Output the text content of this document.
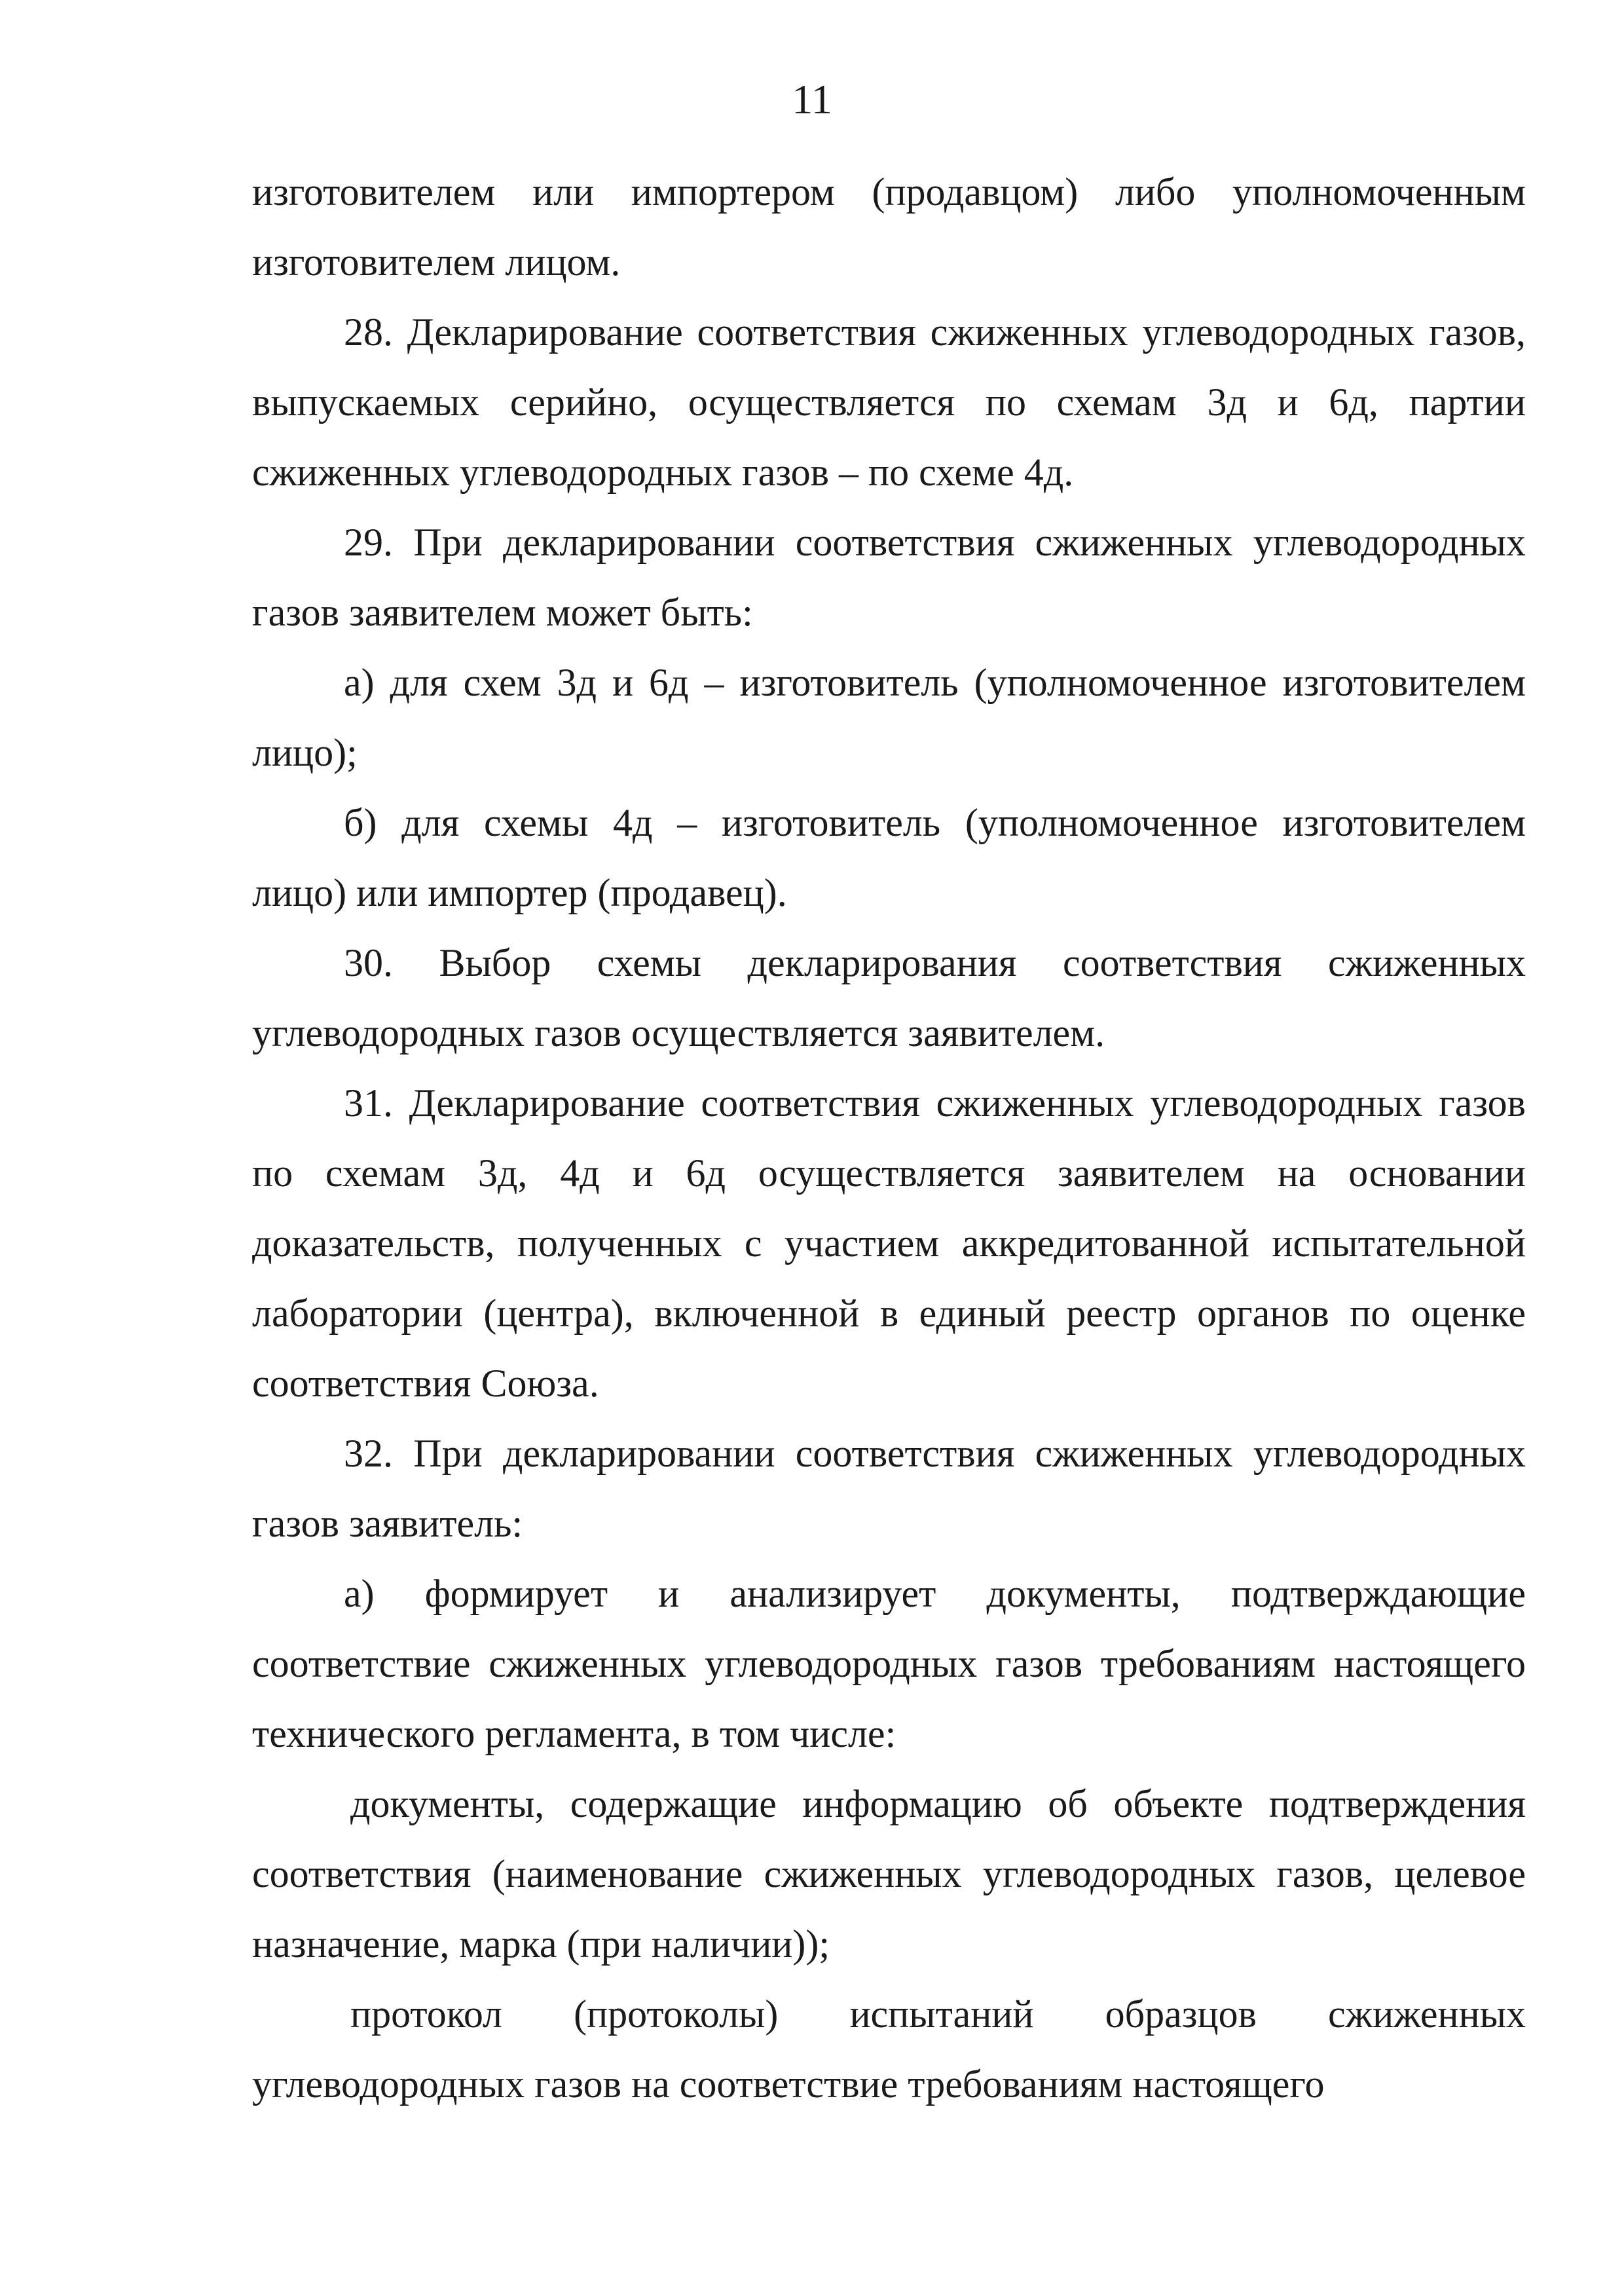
11

изготовителем или импортером (продавцом) либо уполномоченным изготовителем лицом.

28. Декларирование соответствия сжиженных углеводородных газов, выпускаемых серийно, осуществляется по схемам 3д и 6д, партии сжиженных углеводородных газов – по схеме 4д.

29. При декларировании соответствия сжиженных углеводородных газов заявителем может быть:

а) для схем 3д и 6д – изготовитель (уполномоченное изготовителем лицо);

б) для схемы 4д – изготовитель (уполномоченное изготовителем лицо) или импортер (продавец).

30. Выбор схемы декларирования соответствия сжиженных углеводородных газов осуществляется заявителем.

31. Декларирование соответствия сжиженных углеводородных газов по схемам 3д, 4д и 6д осуществляется заявителем на основании доказательств, полученных с участием аккредитованной испытательной лаборатории (центра), включенной в единый реестр органов по оценке соответствия Союза.

32. При декларировании соответствия сжиженных углеводородных газов заявитель:

а) формирует и анализирует документы, подтверждающие соответствие сжиженных углеводородных газов требованиям настоящего технического регламента, в том числе:

документы, содержащие информацию об объекте подтверждения соответствия (наименование сжиженных углеводородных газов, целевое назначение, марка (при наличии));

протокол (протоколы) испытаний образцов сжиженных углеводородных газов на соответствие требованиям настоящего
